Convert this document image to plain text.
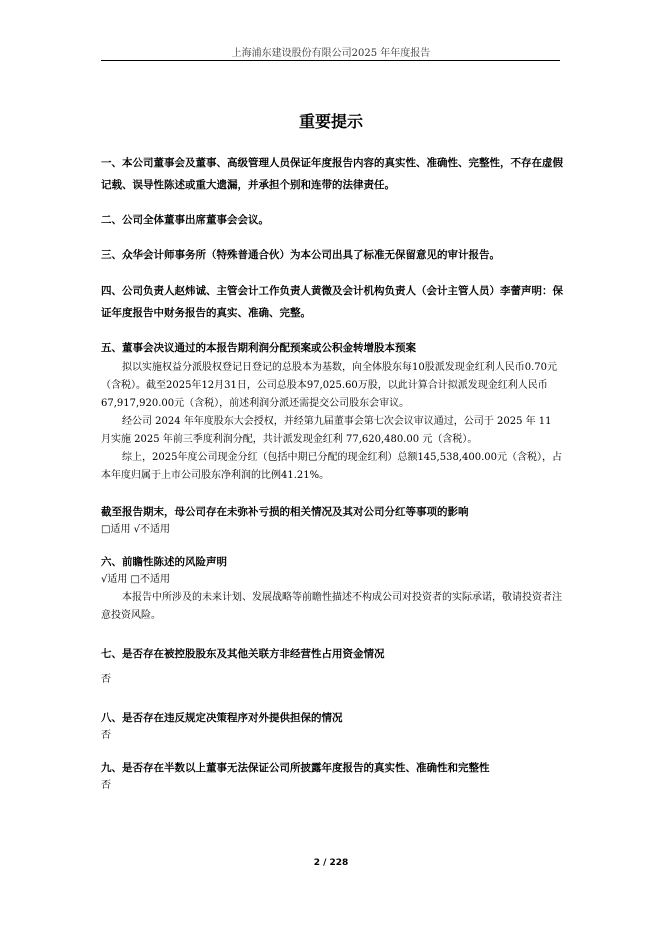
上海浦东建设股份有限公司2025 年年度报告
重要提示

一、本公司董事会及董事、高级管理人员保证年度报告内容的真实性、准确性、完整性，不存在虚假记载、误导性陈述或重大遗漏，并承担个别和连带的法律责任。

二、公司全体董事出席董事会会议。

三、众华会计师事务所（特殊普通合伙）为本公司出具了标准无保留意见的审计报告。

四、公司负责人赵炜诚、主管会计工作负责人黄微及会计机构负责人（会计主管人员）李蕾声明：保证年度报告中财务报告的真实、准确、完整。

五、董事会决议通过的本报告期利润分配预案或公积金转增股本预案

拟以实施权益分派股权登记日登记的总股本为基数，向全体股东每10股派发现金红利人民币0.70元（含税）。截至2025年12月31日，公司总股本97,025.60万股，以此计算合计拟派发现金红利人民币67,917,920.00元（含税），前述利润分派还需提交公司股东会审议。

经公司 2024 年年度股东大会授权，并经第九届董事会第七次会议审议通过，公司于 2025 年 11 月实施 2025 年前三季度利润分配，共计派发现金红利 77,620,480.00 元（含税）。

综上，2025年度公司现金分红（包括中期已分配的现金红利）总额145,538,400.00元（含税），占本年度归属于上市公司股东净利润的比例41.21%。

截至报告期末，母公司存在未弥补亏损的相关情况及其对公司分红等事项的影响

□适用 √不适用

六、前瞻性陈述的风险声明

√适用 □不适用

本报告中所涉及的未来计划、发展战略等前瞻性描述不构成公司对投资者的实际承诺，敬请投资者注意投资风险。

七、是否存在被控股股东及其他关联方非经营性占用资金情况

否

八、是否存在违反规定决策程序对外提供担保的情况

否

九、是否存在半数以上董事无法保证公司所披露年度报告的真实性、准确性和完整性

否

2 / 228
